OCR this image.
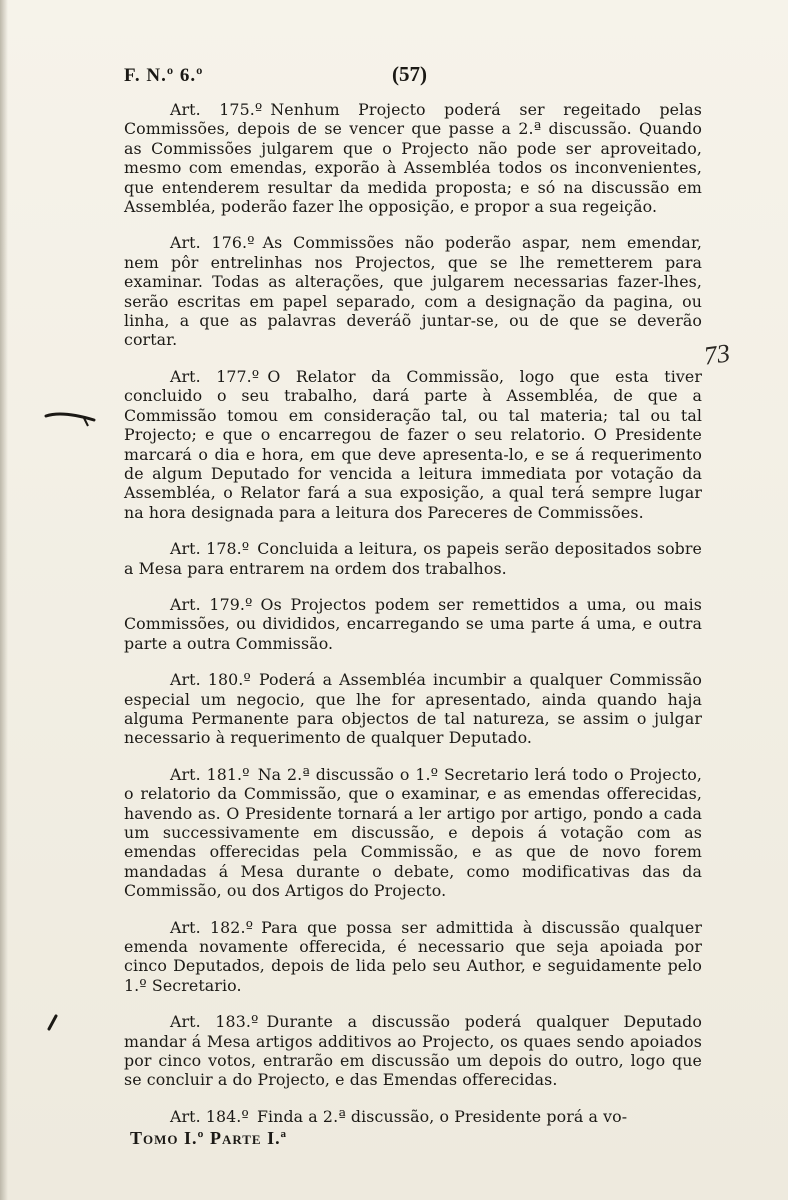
F. N.º 6.º	(57)

Art. 175.º Nenhum Projecto poderá ser regeitado pelas Commissões, depois de se vencer que passe a 2.ª discussão. Quando as Commissões julgarem que o Projecto não pode ser aproveitado, mesmo com emendas, exporão à Assembléa todos os inconvenientes, que entenderem resultar da medida proposta; e só na discussão em Assembléa, poderão fazer lhe opposição, e propor a sua regeição.

Art. 176.º As Commissões não poderão aspar, nem emendar, nem pôr entrelinhas nos Projectos, que se lhe remetterem para examinar. Todas as alterações, que julgarem necessarias fazer-lhes, serão escritas em papel separado, com a designação da pagina, ou linha, a que as palavras deveráõ juntar-se, ou de que se deverão cortar.

Art. 177.º O Relator da Commissão, logo que esta tiver concluido o seu trabalho, dará parte à Assembléa, de que a Commissão tomou em consideração tal, ou tal materia; tal ou tal Projecto; e que o encarregou de fazer o seu relatorio. O Presidente marcará o dia e hora, em que deve apresenta-lo, e se á requerimento de algum Deputado for vencida a leitura immediata por votação da Assembléa, o Relator fará a sua exposição, a qual terá sempre lugar na hora designada para a leitura dos Pareceres de Commissões.

Art. 178.º Concluida a leitura, os papeis serão depositados sobre a Mesa para entrarem na ordem dos trabalhos.

Art. 179.º Os Projectos podem ser remettidos a uma, ou mais Commissões, ou divididos, encarregando se uma parte á uma, e outra parte a outra Commissão.

Art. 180.º Poderá a Assembléa incumbir a qualquer Commissão especial um negocio, que lhe for apresentado, ainda quando haja alguma Permanente para objectos de tal natureza, se assim o julgar necessario à requerimento de qualquer Deputado.

Art. 181.º Na 2.ª discussão o 1.º Secretario lerá todo o Projecto, o relatorio da Commissão, que o examinar, e as emendas offerecidas, havendo as. O Presidente tornará a ler artigo por artigo, pondo a cada um successivamente em discussão, e depois á votação com as emendas offerecidas pela Commissão, e as que de novo forem mandadas á Mesa durante o debate, como modificativas das da Commissão, ou dos Artigos do Projecto.

Art. 182.º Para que possa ser admittida à discussão qualquer emenda novamente offerecida, é necessario que seja apoiada por cinco Deputados, depois de lida pelo seu Author, e seguidamente pelo 1.º Secretario.

Art. 183.º Durante a discussão poderá qualquer Deputado mandar á Mesa artigos additivos ao Projecto, os quaes sendo apoiados por cinco votos, entrarão em discussão um depois do outro, logo que se concluir a do Projecto, e das Emendas offerecidas.

Art. 184.º Finda a 2.ª discussão, o Presidente porá a vo-

Tomo I.º Parte I.ª
73
